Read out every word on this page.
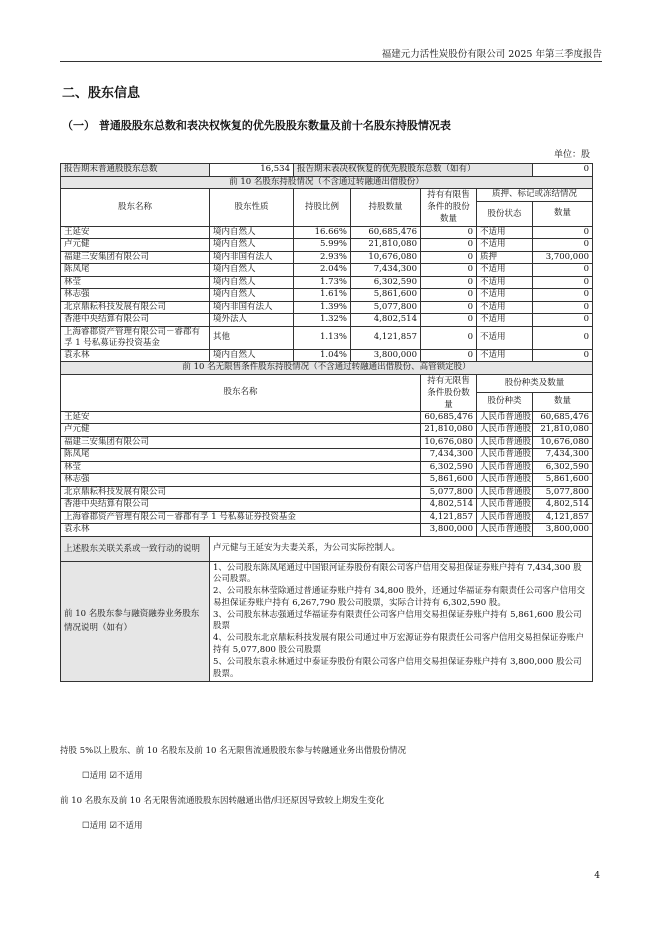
福建元力活性炭股份有限公司 2025 年第三季度报告
二、股东信息
（一） 普通股股东总数和表决权恢复的优先股股东数量及前十名股东持股情况表
单位：股
报告期末普通股股东总数	16,534	报告期末表决权恢复的优先股股东总数（如有）				0
前 10 名股东持股情况（不含通过转融通出借股份）						
股东名称	股东性质	持股比例	持股数量	持有有限售条件的股份数量	质押、标记或冻结情况	
					股份状态	数量
王延安	境内自然人	16.66%	60,685,476	0	不适用	0
卢元健	境内自然人	5.99%	21,810,080	0	不适用	0
福建三安集团有限公司	境内非国有法人	2.93%	10,676,080	0	质押	3,700,000
陈凤尾	境内自然人	2.04%	7,434,300	0	不适用	0
林莹	境内自然人	1.73%	6,302,590	0	不适用	0
林志强	境内自然人	1.61%	5,861,600	0	不适用	0
北京鼎耘科技发展有限公司	境内非国有法人	1.39%	5,077,800	0	不适用	0
香港中央结算有限公司	境外法人	1.32%	4,802,514	0	不适用	0
上海睿郡资产管理有限公司－睿郡有孚 1 号私募证券投资基金	其他	1.13%	4,121,857	0	不适用	0
袁永林	境内自然人	1.04%	3,800,000	0	不适用	0
前 10 名无限售条件股东持股情况（不含通过转融通出借股份、高管锁定股）						
股东名称				持有无限售条件股份数量	股份种类及数量	
					股份种类	数量
王延安				60,685,476	人民币普通股	60,685,476
卢元健				21,810,080	人民币普通股	21,810,080
福建三安集团有限公司				10,676,080	人民币普通股	10,676,080
陈凤尾				7,434,300	人民币普通股	7,434,300
林莹				6,302,590	人民币普通股	6,302,590
林志强				5,861,600	人民币普通股	5,861,600
北京鼎耘科技发展有限公司				5,077,800	人民币普通股	5,077,800
香港中央结算有限公司				4,802,514	人民币普通股	4,802,514
上海睿郡资产管理有限公司－睿郡有孚 1 号私募证券投资基金				4,121,857	人民币普通股	4,121,857
袁永林				3,800,000	人民币普通股	3,800,000
上述股东关联关系或一致行动的说明	卢元健与王延安为夫妻关系，为公司实际控制人。					
前 10 名股东参与融资融券业务股东情况说明（如有）	1、公司股东陈凤尾通过中国银河证券股份有限公司客户信用交易担保证券账户持有 7,434,300 股公司股票。
2、公司股东林莹除通过普通证券账户持有 34,800 股外，还通过华福证券有限责任公司客户信用交易担保证券账户持有 6,267,790 股公司股票，实际合计持有 6,302,590 股。
3、公司股东林志强通过华福证券有限责任公司客户信用交易担保证券账户持有 5,861,600 股公司股票
4、公司股东北京鼎耘科技发展有限公司通过申万宏源证券有限责任公司客户信用交易担保证券账户持有 5,077,800 股公司股票
5、公司股东袁永林通过中泰证券股份有限公司客户信用交易担保证券账户持有 3,800,000 股公司股票。					
持股 5%以上股东、前 10 名股东及前 10 名无限售流通股股东参与转融通业务出借股份情况
☐适用 ☑不适用
前 10 名股东及前 10 名无限售流通股股东因转融通出借/归还原因导致较上期发生变化
☐适用 ☑不适用
4
